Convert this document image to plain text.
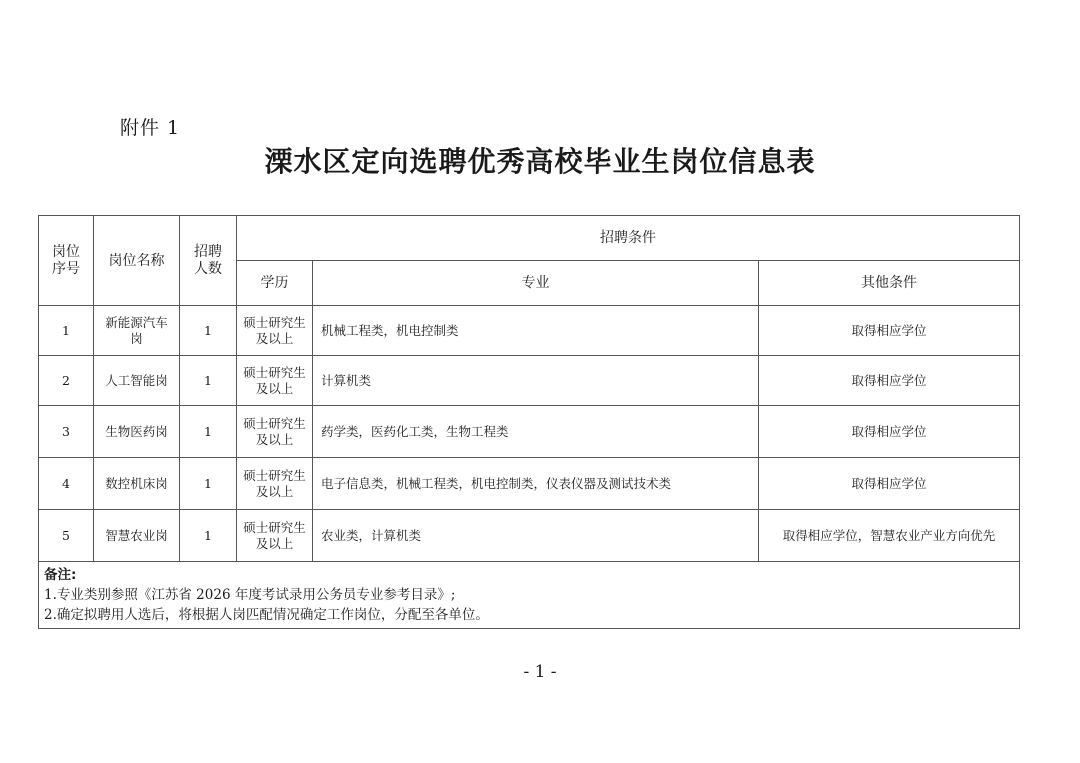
附件 1
溧水区定向选聘优秀高校毕业生岗位信息表
岗位序号	岗位名称	招聘人数	招聘条件		
			学历	专业	其他条件
1	新能源汽车岗	1	硕士研究生及以上	机械工程类，机电控制类	取得相应学位
2	人工智能岗	1	硕士研究生 及以上	计算机类	取得相应学位
3	生物医药岗	1	硕士研究生及以上	药学类，医药化工类，生物工程类	取得相应学位
4	数控机床岗	1	硕士研究生及以上	电子信息类，机械工程类，机电控制类，仪表仪器及测试技术类	取得相应学位
5	智慧农业岗	1	硕士研究生及以上	农业类，计算机类	取得相应学位，智慧农业产业方向优先

备注:
1.专业类别参照《江苏省 2026 年度考试录用公务员专业参考目录》;
2.确定拟聘用人选后，将根据人岗匹配情况确定工作岗位，分配至各单位。					
- 1 -
